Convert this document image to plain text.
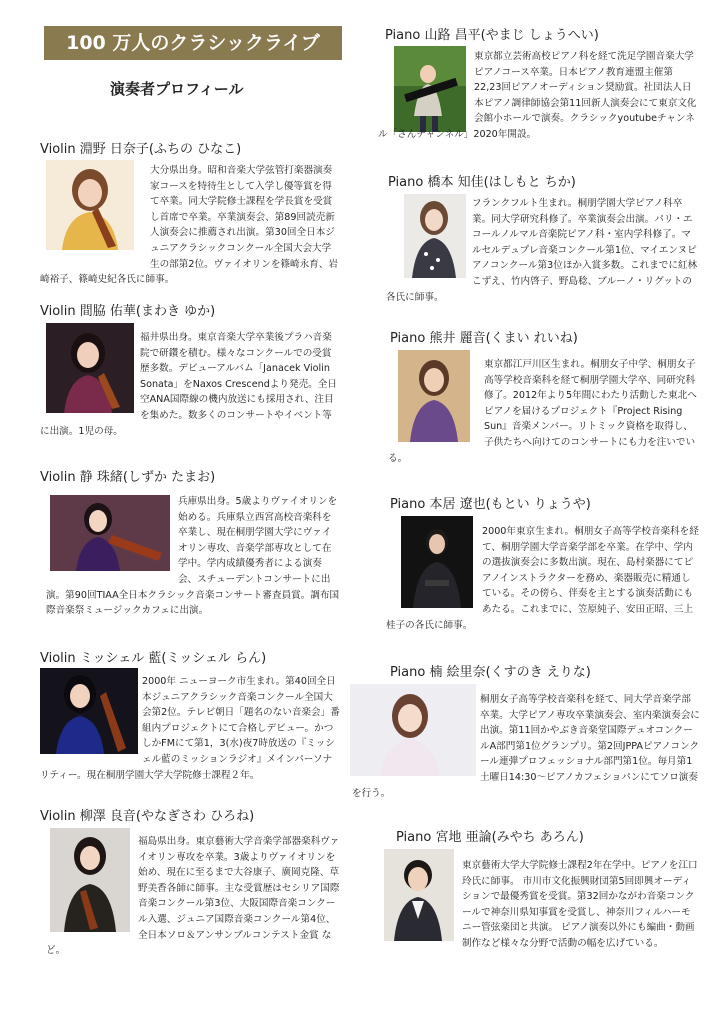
100 万人のクラシックライブ
演奏者プロフィール
Violin 淵野 日奈子(ふちの ひなこ)
大分県出身。昭和音楽大学弦管打楽器演奏家コースを特待生として入学し優等賞を得て卒業。同大学院修士課程を学長賞を受賞し首席で卒業。卒業演奏会、第89回読売新人演奏会に推薦され出演。第30回全日本ジュニアクラシックコンクール全国大会大学生の部第2位。ヴァイオリンを篠崎永育、岩崎裕子、篠崎史紀各氏に師事。
Violin 間脇 佑華(まわき ゆか)
福井県出身。東京音楽大学卒業後プラハ音楽院で研鑽を積む。様々なコンクールでの受賞歴多数。デビューアルバム「Janacek Violin Sonata」をNaxos Crescendより発売。全日空ANA国際線の機内放送にも採用され、注目を集めた。数多くのコンサートやイベント等に出演。1児の母。
Violin 静 珠緒(しずか たまお)
兵庫県出身。5歳よりヴァイオリンを始める。兵庫県立西宮高校音楽科を卒業し、現在桐朋学園大学にヴァイオリン専攻、音楽学部専攻として在学中。学内成績優秀者による演奏会、スチューデントコンサートに出演。第90回TIAA全日本クラシック音楽コンサート審査員賞。調布国際音楽祭ミュージックカフェに出演。
Violin ミッシェル 藍(ミッシェル らん)
2000年 ニューヨーク市生まれ。第40回全日本ジュニアクラシック音楽コンクール全国大会第2位。テレビ朝日「題名のない音楽会」番組内プロジェクトにて合格しデビュー。かつしかFMにて第1，3(水)夜7時放送の『ミッシェル藍のミッションラジオ』メインパーソナリティー。現在桐朋学園大学大学院修士課程２年。
Violin 柳澤 良音(やなぎさわ ひろね)
福島県出身。東京藝術大学音楽学部器楽科ヴァイオリン専攻を卒業。3歳よりヴァイオリンを始め、現在に至るまで大谷康子、廣岡克隆、草野美香各師に師事。主な受賞歴はセシリア国際音楽コンクール第3位、大阪国際音楽コンクール入選、ジュニア国際音楽コンクール第4位、全日本ソロ＆アンサンブルコンテスト金賞 など。
Piano 山路 昌平(やまじ しょうへい)
東京都立芸術高校ピアノ科を経て洗足学園音楽大学ピアノコース卒業。日本ピアノ教育連盟主催第22,23回ピアノオーディション奨励賞。社団法人日本ピアノ調律師協会第11回新人演奏会にて東京文化会館小ホールで演奏。クラシックyoutubeチャンネル「さんチャンネル」2020年開設。
Piano 橋本 知佳(はしもと ちか)
フランクフルト生まれ。桐朋学園大学ピアノ科卒業。同大学研究科修了。卒業演奏会出演。パリ・エコールノルマル音楽院ピアノ科・室内学科修了。マルセルデュプレ音楽コンクール第1位、マイエンヌピアノコンクール第3位ほか入賞多数。これまでに紅林こずえ、竹内啓子、野島稔、ブルーノ・リグットの各氏に師事。
Piano 熊井 麗音(くまい れいね)
東京都江戸川区生まれ。桐朋女子中学、桐朋女子高等学校音楽科を経て桐朋学園大学卒、同研究科修了。2012年より5年間にわたり活動した東北へピアノを届けるプロジェクト『Project Rising Sun』音楽メンバー。リトミック資格を取得し、子供たちへ向けてのコンサートにも力を注いでいる。
Piano 本居 遼也(もとい りょうや)
2000年東京生まれ。桐朋女子高等学校音楽科を経て、桐朋学園大学音楽学部を卒業。在学中、学内の選抜演奏会に多数出演。現在、島村楽器にてピアノインストラクターを務め、楽器販売に精通している。その傍ら、伴奏を主とする演奏活動にもあたる。これまでに、笠原純子、安田正昭、三上桂子の各氏に師事。
Piano 楠 絵里奈(くすのき えりな)
桐朋女子高等学校音楽科を経て、同大学音楽学部卒業。大学ピアノ専攻卒業演奏会、室内楽演奏会に出演。第11回かやぶき音楽堂国際デュオコンクールA部門第1位グランプリ。第2回JPPAピアノコンクール連弾プロフェッショナル部門第1位。毎月第1土曜日14:30～ピアノカフェショパンにてソロ演奏を行う。
Piano 宮地 亜論(みやち あろん)
東京藝術大学大学院修士課程2年在学中。ピアノを江口玲氏に師事。 市川市文化振興財団第5回即興オーディションで最優秀賞を受賞。第32回かながわ音楽コンクールで神奈川県知事賞を受賞し、神奈川フィルハーモニー管弦楽団と共演。 ピアノ演奏以外にも編曲・動画制作など様々な分野で活動の幅を広げている。
